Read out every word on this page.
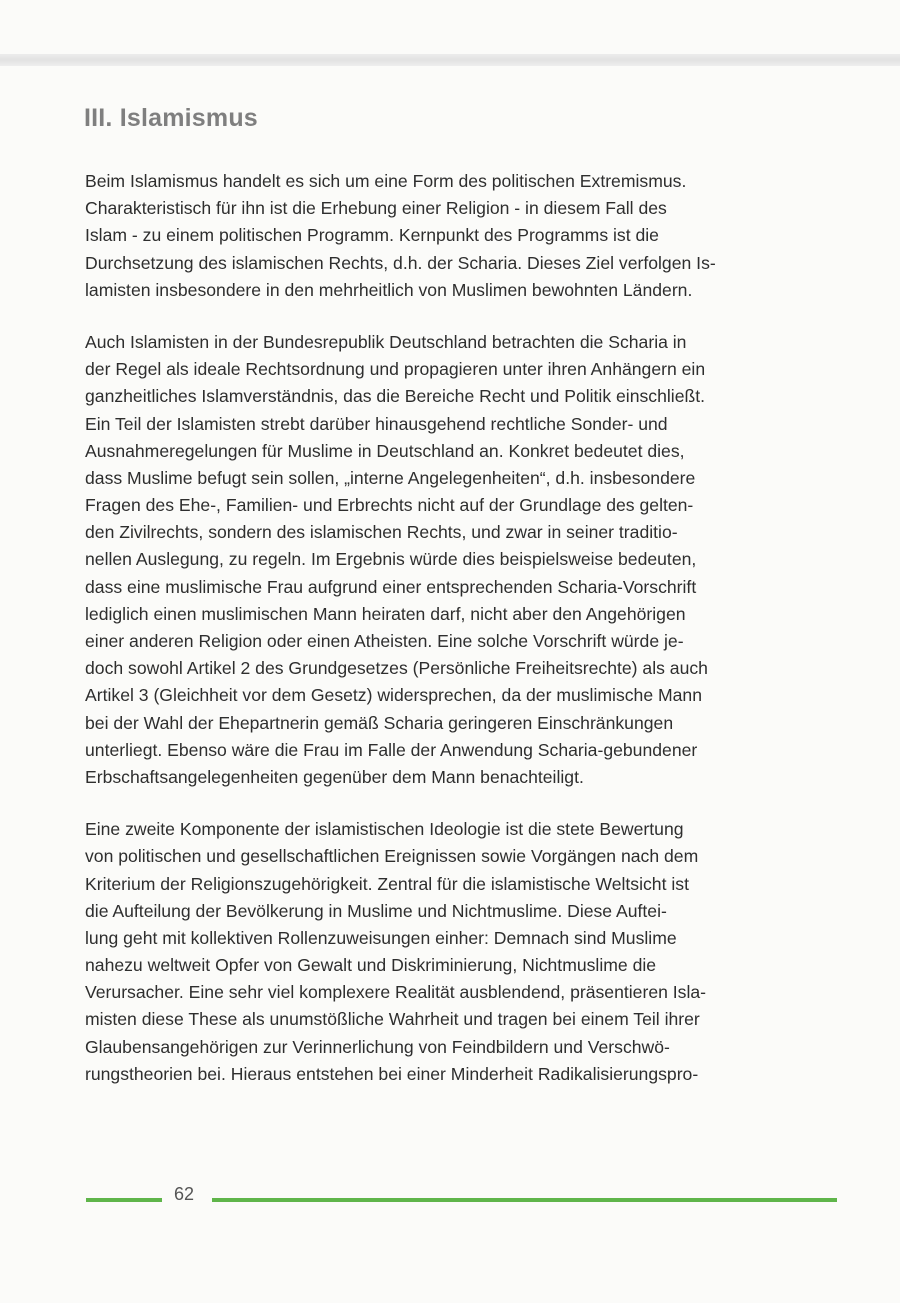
III. Islamismus

Beim Islamismus handelt es sich um eine Form des politischen Extremismus.
Charakteristisch für ihn ist die Erhebung einer Religion - in diesem Fall des
Islam - zu einem politischen Programm. Kernpunkt des Programms ist die
Durchsetzung des islamischen Rechts, d.h. der Scharia. Dieses Ziel verfolgen Is-
lamisten insbesondere in den mehrheitlich von Muslimen bewohnten Ländern.

Auch Islamisten in der Bundesrepublik Deutschland betrachten die Scharia in
der Regel als ideale Rechtsordnung und propagieren unter ihren Anhängern ein
ganzheitliches Islamverständnis, das die Bereiche Recht und Politik einschließt.
Ein Teil der Islamisten strebt darüber hinausgehend rechtliche Sonder- und
Ausnahmeregelungen für Muslime in Deutschland an. Konkret bedeutet dies,
dass Muslime befugt sein sollen, „interne Angelegenheiten“, d.h. insbesondere
Fragen des Ehe-, Familien- und Erbrechts nicht auf der Grundlage des gelten-
den Zivilrechts, sondern des islamischen Rechts, und zwar in seiner traditio-
nellen Auslegung, zu regeln. Im Ergebnis würde dies beispielsweise bedeuten,
dass eine muslimische Frau aufgrund einer entsprechenden Scharia-Vorschrift
lediglich einen muslimischen Mann heiraten darf, nicht aber den Angehörigen
einer anderen Religion oder einen Atheisten. Eine solche Vorschrift würde je-
doch sowohl Artikel 2 des Grundgesetzes (Persönliche Freiheitsrechte) als auch
Artikel 3 (Gleichheit vor dem Gesetz) widersprechen, da der muslimische Mann
bei der Wahl der Ehepartnerin gemäß Scharia geringeren Einschränkungen
unterliegt. Ebenso wäre die Frau im Falle der Anwendung Scharia-gebundener
Erbschaftsangelegenheiten gegenüber dem Mann benachteiligt.

Eine zweite Komponente der islamistischen Ideologie ist die stete Bewertung
von politischen und gesellschaftlichen Ereignissen sowie Vorgängen nach dem
Kriterium der Religionszugehörigkeit. Zentral für die islamistische Weltsicht ist
die Aufteilung der Bevölkerung in Muslime und Nichtmuslime. Diese Auftei-
lung geht mit kollektiven Rollenzuweisungen einher: Demnach sind Muslime
nahezu weltweit Opfer von Gewalt und Diskriminierung, Nichtmuslime die
Verursacher. Eine sehr viel komplexere Realität ausblendend, präsentieren Isla-
misten diese These als unumstößliche Wahrheit und tragen bei einem Teil ihrer
Glaubensangehörigen zur Verinnerlichung von Feindbildern und Verschwö-
rungstheorien bei. Hieraus entstehen bei einer Minderheit Radikalisierungspro-

62
